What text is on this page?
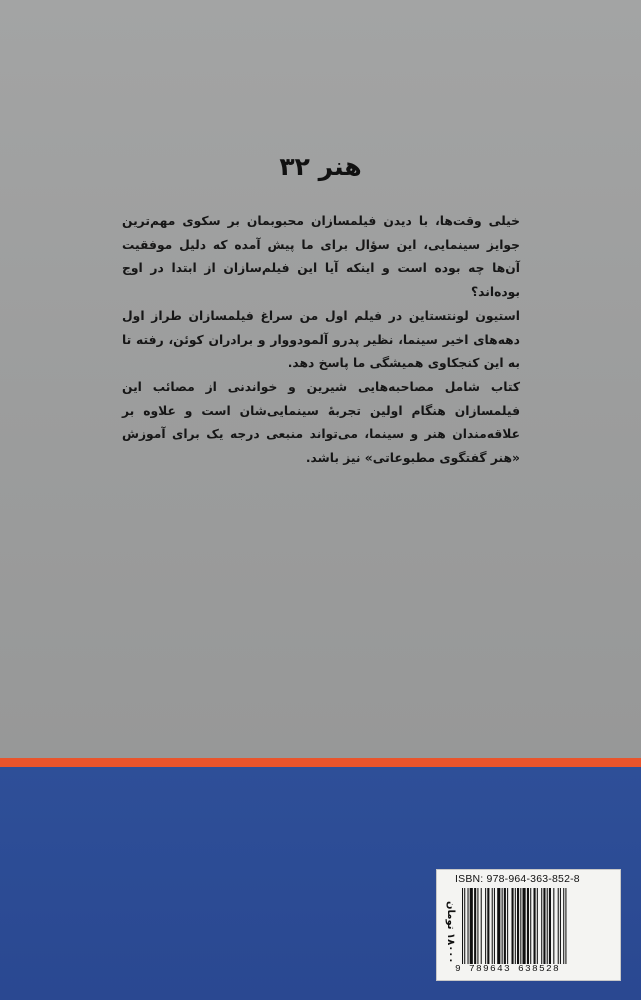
هنر ۳۲

خیلی وقت‌ها، با دیدن فیلمسازان محبوبمان بر سکوی مهم‌ترین جوایز سینمایی، این سؤال برای ما پیش آمده که دلیل موفقیت آن‌ها چه بوده است و اینکه آیا این فیلم‌سازان از ابتدا در اوج بوده‌اند؟

استیون لونتستاین در فیلم اول من سراغ فیلمسازان طراز اول دهه‌های اخیر سینما، نظیر پدرو آلمودووار و برادران کوئن، رفته تا به این کنجکاوی همیشگی ما پاسخ دهد.

کتاب شامل مصاحبه‌هایی شیرین و خواندنی از مصائب این فیلمسازان هنگام اولین تجربهٔ سینمایی‌شان است و علاوه بر علاقه‌مندان هنر و سینما، می‌تواند منبعی درجه یک برای آموزش «هنر گفتگوی مطبوعاتی» نیز باشد.

ISBN: 978-964-363-852-8
۱۸۰۰۰ تومان
9 789643 638528
